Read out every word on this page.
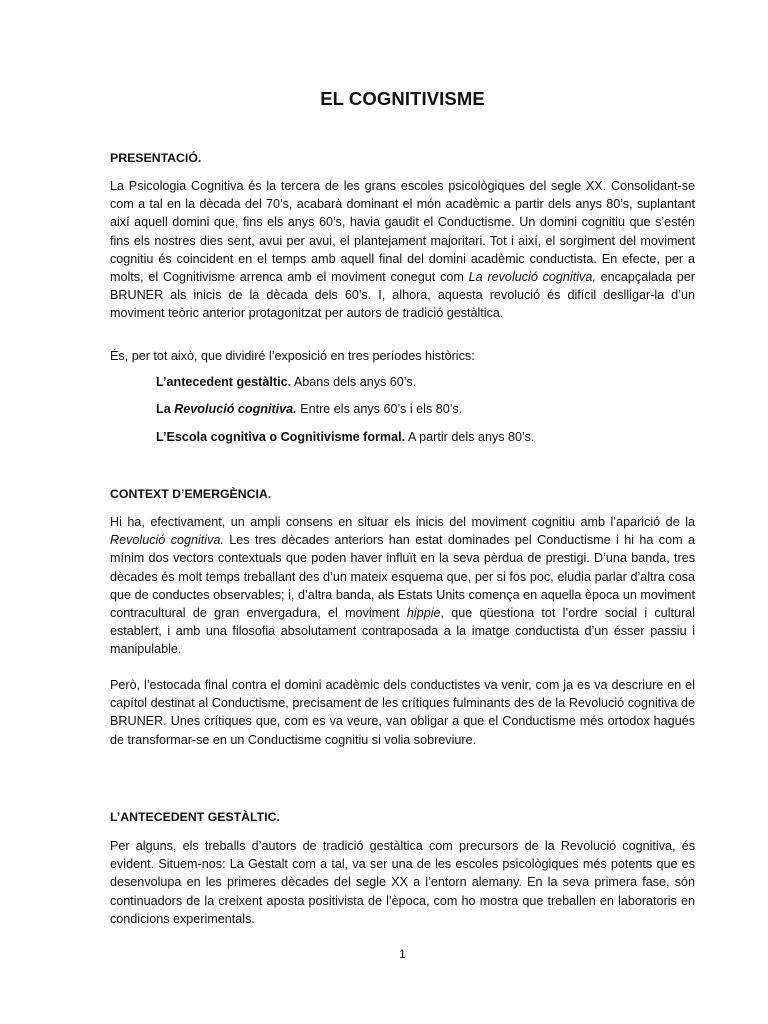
EL COGNITIVISME
PRESENTACIÓ.

La Psicologia Cognitiva és la tercera de les grans escoles psicològiques del segle XX. Consolidant-se com a tal en la dècada del 70’s, acabarà dominant el món acadèmic a partir dels anys 80’s, suplantant així aquell domini que, fins els anys 60’s, havia gaudit el Conductisme. Un domini cognitiu que s’estén fins els nostres dies sent, avui per avui, el plantejament majoritari. Tot i així, el sorgiment del moviment cognitiu és coincident en el temps amb aquell final del domini acadèmic conductista. En efecte, per a molts, el Cognitivisme arrenca amb el moviment conegut com La revolució cognitiva, encapçalada per BRUNER als inicis de la dècada dels 60’s. I, alhora, aquesta revolució és difícil deslligar-la d’un moviment teòric anterior protagonitzat per autors de tradició gestàltica.

És, per tot això, que dividiré l’exposició en tres períodes històrics:

L’antecedent gestàltic. Abans dels anys 60’s.
La Revolució cognitiva. Entre els anys 60’s i els 80’s.
L’Escola cognitiva o Cognitivisme formal. A partir dels anys 80’s.
CONTEXT D’EMERGÈNCIA.

Hi ha, efectivament, un ampli consens en situar els inicis del moviment cognitiu amb l’aparició de la Revolució cognitiva. Les tres dècades anteriors han estat dominades pel Conductisme i hi ha com a mínim dos vectors contextuals que poden haver influït en la seva pèrdua de prestigi. D’una banda, tres dècades és molt temps treballant des d’un mateix esquema que, per si fos poc, eludia parlar d’altra cosa que de conductes observables; i, d’altra banda, als Estats Units comença en aquella època un moviment contracultural de gran envergadura, el moviment hippie, que qüestiona tot l’ordre social i cultural establert, i amb una filosofia absolutament contraposada a la imatge conductista d’un ésser passiu i manipulable.

Però, l’estocada final contra el domini acadèmic dels conductistes va venir, com ja es va descriure en el capítol destinat al Conductisme, precisament de les crítiques fulminants des de la Revolució cognitiva de BRUNER. Unes crítiques que, com es va veure, van obligar a que el Conductisme més ortodox hagués de transformar-se en un Conductisme cognitiu si volia sobreviure.

L’ANTECEDENT GESTÀLTIC.

Per alguns, els treballs d’autors de tradició gestàltica com precursors de la Revolució cognitiva, és evident. Situem-nos: La Gestalt com a tal, va ser una de les escoles psicològiques més potents que es desenvolupa en les primeres dècades del segle XX a l’entorn alemany. En la seva primera fase, són continuadors de la creixent aposta positivista de l’època, com ho mostra que treballen en laboratoris en condicions experimentals.

1
